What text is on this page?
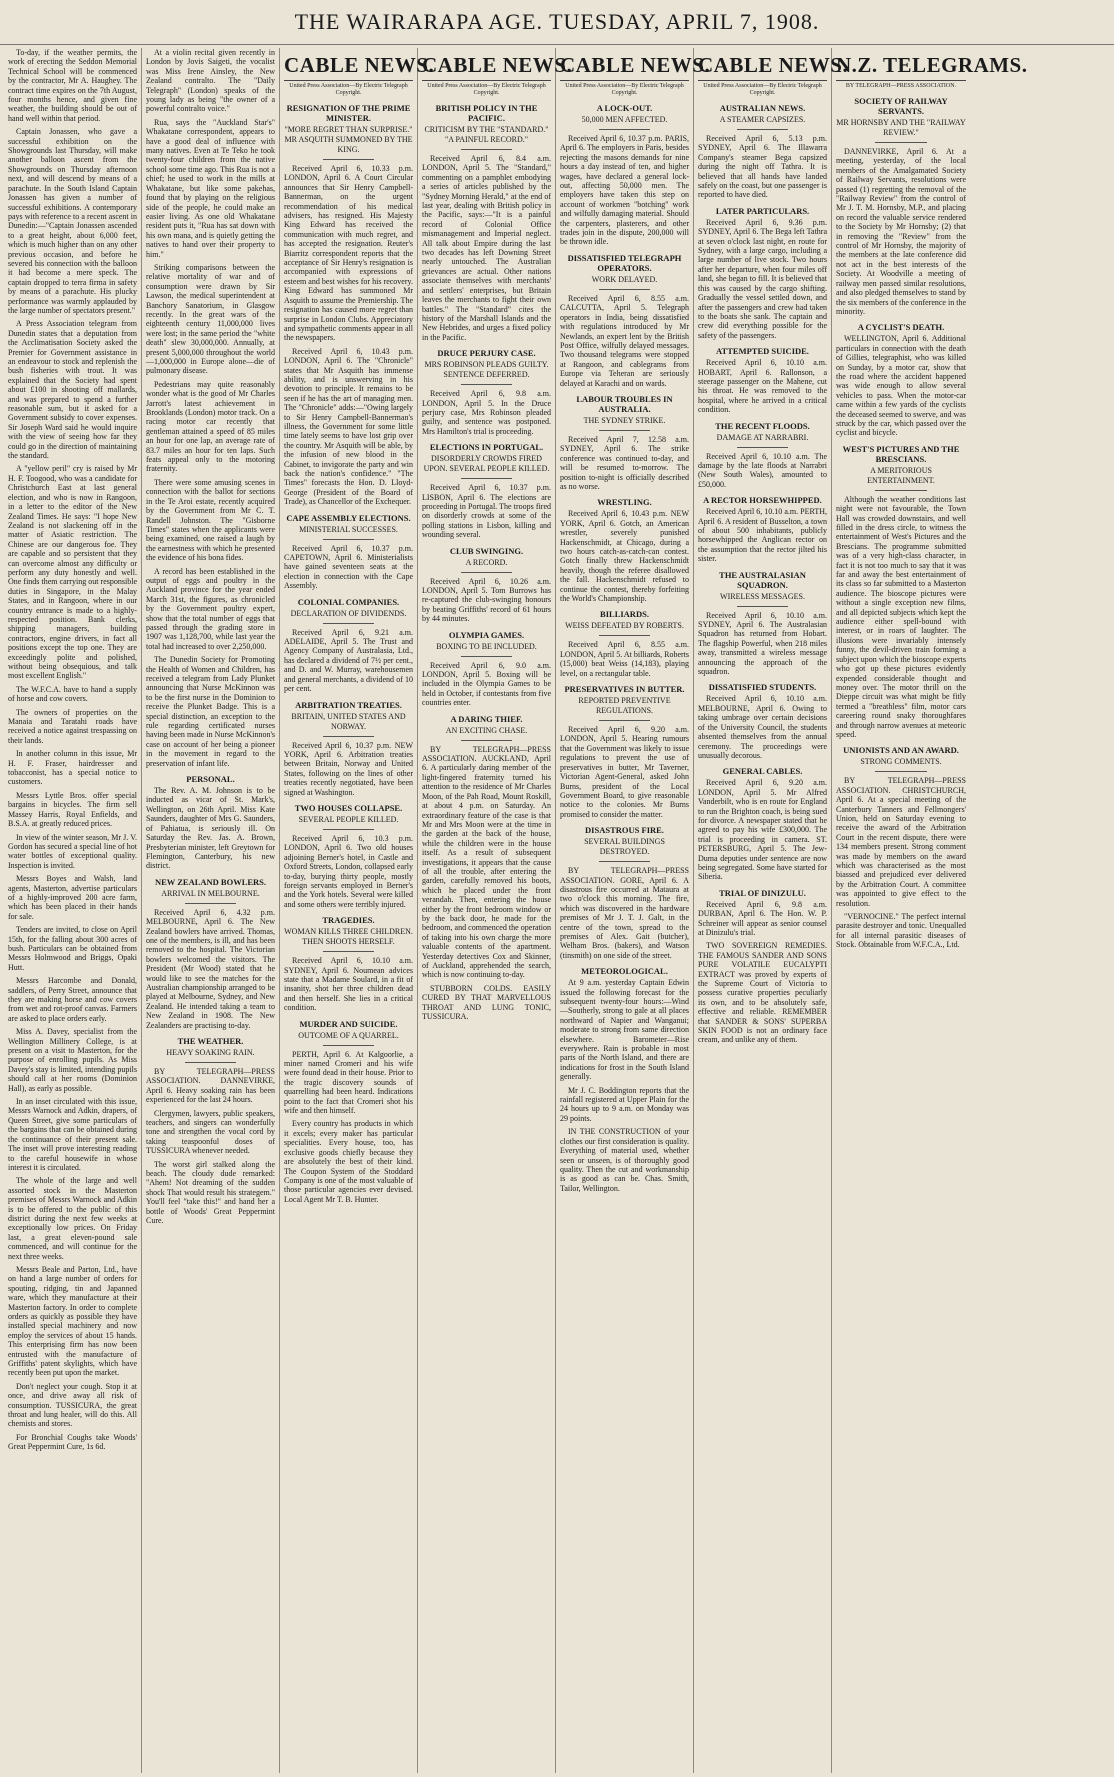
THE WAIRARAPA AGE. TUESDAY, APRIL 7, 1908.

To-day, if the weather permits, the work of erecting the Seddon Memorial Technical School will be commenced by the contractor, Mr A. Haughey. The contract time expires on the 7th August, four months hence, and given fine weather, the building should be out of hand well within that period.

Captain Jonassen, who gave a successful exhibition on the Showgrounds last Thursday, will make another balloon ascent from the Showgrounds on Thursday afternoon next, and will descend by means of a parachute. In the South Island Captain Jonassen has given a number of successful exhibitions. A contemporary pays with reference to a recent ascent in Dunedin:—"Captain Jonassen ascended to a great height, about 6,000 feet, which is much higher than on any other previous occasion, and before he severed his connection with the balloon it had become a mere speck. The captain dropped to terra firma in safety by means of a parachute. His plucky performance was warmly applauded by the large number of spectators present."

A Press Association telegram from Dunedin states that a deputation from the Acclimatisation Society asked the Premier for Government assistance in an endeavour to stock and replenish the bush fisheries with trout. It was explained that the Society had spent about £100 in shooting off mallards, and was prepared to spend a further reasonable sum, but it asked for a Government subsidy to cover expenses. Sir Joseph Ward said he would inquire with the view of seeing how far they could go in the direction of maintaining the standard.

A "yellow peril" cry is raised by Mr H. F. Toogood, who was a candidate for Christchurch East at last general election, and who is now in Rangoon, in a letter to the editor of the New Zealand Times. He says: "I hope New Zealand is not slackening off in the matter of Asiatic restriction. The Chinese are our dangerous foe. They are capable and so persistent that they can overcome almost any difficulty or perform any duty honestly and well. One finds them carrying out responsible duties in Singapore, in the Malay States, and in Rangoon, where in our country entrance is made to a highly-respected position. Bank clerks, shipping managers, building contractors, engine drivers, in fact all positions except the top one. They are exceedingly polite and polished, without being obsequious, and talk most excellent English."

The W.F.C.A. have to hand a supply of horse and cow covers.

The owners of properties on the Manaia and Taratahi roads have received a notice against trespassing on their lands.

In another column in this issue, Mr H. F. Fraser, hairdresser and tobacconist, has a special notice to customers.

Messrs Lyttle Bros. offer special bargains in bicycles. The firm sell Massey Harris, Royal Enfields, and B.S.A. at greatly reduced prices.

In view of the winter season, Mr J. V. Gordon has secured a special line of hot water bottles of exceptional quality. Inspection is invited.

Messrs Boyes and Walsh, land agents, Masterton, advertise particulars of a highly-improved 200 acre farm, which has been placed in their hands for sale.

Tenders are invited, to close on April 15th, for the falling about 300 acres of bush. Particulars can be obtained from Messrs Holmwood and Briggs, Opaki Hutt.

Messrs Harcombe and Donald, saddlers, of Perry Street, announce that they are making horse and cow covers from wet and rot-proof canvas. Farmers are asked to place orders early.

Miss A. Davey, specialist from the Wellington Millinery College, is at present on a visit to Masterton, for the purpose of enrolling pupils. As Miss Davey's stay is limited, intending pupils should call at her rooms (Dominion Hall), as early as possible.

In an inset circulated with this issue, Messrs Warnock and Adkin, drapers, of Queen Street, give some particulars of the bargains that can be obtained during the continuance of their present sale. The inset will prove interesting reading to the careful housewife in whose interest it is circulated.

The whole of the large and well assorted stock in the Masterton premises of Messrs Warnock and Adkin is to be offered to the public of this district during the next few weeks at exceptionally low prices. On Friday last, a great eleven-pound sale commenced, and will continue for the next three weeks.

Messrs Beale and Parton, Ltd., have on hand a large number of orders for spouting, ridging, tin and Japanned ware, which they manufacture at their Masterton factory. In order to complete orders as quickly as possible they have installed special machinery and now employ the services of about 15 hands. This enterprising firm has now been entrusted with the manufacture of Griffiths' patent skylights, which have recently been put upon the market.

Don't neglect your cough. Stop it at once, and drive away all risk of consumption. TUSSICURA, the great throat and lung healer, will do this. All chemists and stores.

For Bronchial Coughs take Woods' Great Peppermint Cure, 1s 6d.

At a violin recital given recently in London by Jovis Saigeti, the vocalist was Miss Irene Ainsley, the New Zealand contralto. The "Daily Telegraph" (London) speaks of the young lady as being "the owner of a powerful contralto voice."

Rua, says the "Auckland Star's" Whakatane correspondent, appears to have a good deal of influence with many natives. Even at Te Teko he took twenty-four children from the native school some time ago. This Rua is not a chief; he used to work in the mills at Whakatane, but like some pakehas, found that by playing on the religious side of the people, he could make an easier living. As one old Whakatane resident puts it, "Rua has sat down with his own mana, and is quietly getting the natives to hand over their property to him."

Striking comparisons between the relative mortality of war and of consumption were drawn by Sir Lawson, the medical superintendent at Banchory Sanatorium, in Glasgow recently. In the great wars of the eighteenth century 11,000,000 lives were lost; in the same period the "white death" slew 30,000,000. Annually, at present 5,000,000 throughout the world—1,000,000 in Europe alone—die of pulmonary disease.

Pedestrians may quite reasonably wonder what is the good of Mr Charles Jarrott's latest achievement in Brooklands (London) motor track. On a racing motor car recently that gentleman attained a speed of 85 miles an hour for one lap, an average rate of 83.7 miles an hour for ten laps. Such feats appeal only to the motoring fraternity.

There were some amusing scenes in connection with the ballot for sections in the Te Aroi estate, recently acquired by the Government from Mr C. T. Randell Johnston. The "Gisborne Times" states when the applicants were being examined, one raised a laugh by the earnestness with which he presented the evidence of his bona fides.

A record has been established in the output of eggs and poultry in the Auckland province for the year ended March 31st, the figures, as chronicled by the Government poultry expert, show that the total number of eggs that passed through the grading store in 1907 was 1,128,700, while last year the total had increased to over 2,250,000.

The Dunedin Society for Promoting the Health of Women and Children, has received a telegram from Lady Plunket announcing that Nurse McKinnon was to be the first nurse in the Dominion to receive the Plunket Badge. This is a special distinction, an exception to the rule regarding certificated nurses having been made in Nurse McKinnon's case on account of her being a pioneer in the movement in regard to the preservation of infant life.

PERSONAL.

The Rev. A. M. Johnson is to be inducted as vicar of St. Mark's, Wellington, on 26th April. Miss Kate Saunders, daughter of Mrs G. Saunders, of Pahiatua, is seriously ill. On Saturday the Rev. Jas. A. Brown, Presbyterian minister, left Greytown for Flemington, Canterbury, his new district.

NEW ZEALAND BOWLERS.
ARRIVAL IN MELBOURNE.

Received April 6, 4.32 p.m. MELBOURNE, April 6. The New Zealand bowlers have arrived. Thomas, one of the members, is ill, and has been removed to the hospital. The Victorian bowlers welcomed the visitors. The President (Mr Wood) stated that he would like to see the matches for the Australian championship arranged to be played at Melbourne, Sydney, and New Zealand. He intended taking a team to New Zealand in 1908. The New Zealanders are practising to-day.

THE WEATHER.
HEAVY SOAKING RAIN.

BY TELEGRAPH—PRESS ASSOCIATION. DANNEVIRKE, April 6. Heavy soaking rain has been experienced for the last 24 hours.

Clergymen, lawyers, public speakers, teachers, and singers can wonderfully tone and strengthen the vocal cord by taking teaspoonful doses of TUSSICURA whenever needed.

The worst girl stalked along the beach. The cloudy dude remarked: "Ahem! Not dreaming of the sudden shock That would result his strategem." You'll feel "take this!" and hand her a bottle of Woods' Great Peppermint Cure.

CABLE NEWS.
United Press Association—By Electric Telegraph Copyright.
RESIGNATION OF THE PRIME MINISTER.
"MORE REGRET THAN SURPRISE." MR ASQUITH SUMMONED BY THE KING.

Received April 6, 10.33 p.m. LONDON, April 6. A Court Circular announces that Sir Henry Campbell-Bannerman, on the urgent recommendation of his medical advisers, has resigned. His Majesty King Edward has received the communication with much regret, and has accepted the resignation. Reuter's Biarritz correspondent reports that the acceptance of Sir Henry's resignation is accompanied with expressions of esteem and best wishes for his recovery. King Edward has summoned Mr Asquith to assume the Premiership. The resignation has caused more regret than surprise in London Clubs. Appreciatory and sympathetic comments appear in all the newspapers.

Received April 6, 10.43 p.m. LONDON, April 6. The "Chronicle" states that Mr Asquith has immense ability, and is unswerving in his devotion to principle. It remains to be seen if he has the art of managing men. The "Chronicle" adds:—"Owing largely to Sir Henry Campbell-Bannerman's illness, the Government for some little time lately seems to have lost grip over the country. Mr Asquith will be able, by the infusion of new blood in the Cabinet, to invigorate the party and win back the nation's confidence." "The Times" forecasts the Hon. D. Lloyd-George (President of the Board of Trade), as Chancellor of the Exchequer.

CAPE ASSEMBLY ELECTIONS.
MINISTERIAL SUCCESSES.

Received April 6, 10.37 p.m. CAPETOWN, April 6. Ministerialists have gained seventeen seats at the election in connection with the Cape Assembly.

COLONIAL COMPANIES.
DECLARATION OF DIVIDENDS.

Received April 6, 9.21 a.m. ADELAIDE, April 5. The Trust and Agency Company of Australasia, Ltd., has declared a dividend of 7½ per cent., and D. and W. Murray, warehousemen and general merchants, a dividend of 10 per cent.

ARBITRATION TREATIES.
BRITAIN, UNITED STATES AND NORWAY.

Received April 6, 10.37 p.m. NEW YORK, April 6. Arbitration treaties between Britain, Norway and United States, following on the lines of other treaties recently negotiated, have been signed at Washington.

TWO HOUSES COLLAPSE.
SEVERAL PEOPLE KILLED.

Received April 6, 10.3 p.m. LONDON, April 6. Two old houses adjoining Berner's hotel, in Castle and Oxford Streets, London, collapsed early to-day, burying thirty people, mostly foreign servants employed in Berner's and the York hotels. Several were killed and some others were terribly injured.

TRAGEDIES.
WOMAN KILLS THREE CHILDREN. THEN SHOOTS HERSELF.

Received April 6, 10.10 a.m. SYDNEY, April 6. Noumean advices state that a Madame Soulard, in a fit of insanity, shot her three children dead and then herself. She lies in a critical condition.

MURDER AND SUICIDE.
OUTCOME OF A QUARREL.

PERTH, April 6. At Kalgoorlie, a miner named Cromeri and his wife were found dead in their house. Prior to the tragic discovery sounds of quarrelling had been heard. Indications point to the fact that Cromeri shot his wife and then himself.

Every country has products in which it excels; every maker has particular specialities. Every house, too, has exclusive goods chiefly because they are absolutely the best of their kind. The Coupon System of the Stoddard Company is one of the most valuable of those particular agencies ever devised. Local Agent Mr T. B. Hunter.

CABLE NEWS.
United Press Association—By Electric Telegraph Copyright.
BRITISH POLICY IN THE PACIFIC.
CRITICISM BY THE "STANDARD." "A PAINFUL RECORD."

Received April 6, 8.4 a.m. LONDON, April 5. The "Standard," commenting on a pamphlet embodying a series of articles published by the "Sydney Morning Herald," at the end of last year, dealing with British policy in the Pacific, says:—"It is a painful record of Colonial Office mismanagement and Imperial neglect. All talk about Empire during the last two decades has left Downing Street nearly untouched. The Australian grievances are actual. Other nations associate themselves with merchants' and settlers' enterprises, but Britain leaves the merchants to fight their own battles." The "Standard" cites the history of the Marshall Islands and the New Hebrides, and urges a fixed policy in the Pacific.

DRUCE PERJURY CASE.
MRS ROBINSON PLEADS GUILTY. SENTENCE DEFERRED.

Received April 6, 9.8 a.m. LONDON, April 5. In the Druce perjury case, Mrs Robinson pleaded guilty, and sentence was postponed. Mrs Hamilton's trial is proceeding.

ELECTIONS IN PORTUGAL.
DISORDERLY CROWDS FIRED UPON. SEVERAL PEOPLE KILLED.

Received April 6, 10.37 p.m. LISBON, April 6. The elections are proceeding in Portugal. The troops fired on disorderly crowds at some of the polling stations in Lisbon, killing and wounding several.

CLUB SWINGING.
A RECORD.

Received April 6, 10.26 a.m. LONDON, April 5. Tom Burrows has re-captured the club-swinging honours by beating Griffiths' record of 61 hours by 44 minutes.

OLYMPIA GAMES.
BOXING TO BE INCLUDED.

Received April 6, 9.0 a.m. LONDON, April 5. Boxing will be included in the Olympia Games to be held in October, if contestants from five countries enter.

A DARING THIEF.
AN EXCITING CHASE.

BY TELEGRAPH—PRESS ASSOCIATION. AUCKLAND, April 6. A particularly daring member of the light-fingered fraternity turned his attention to the residence of Mr Charles Moon, of the Pah Road, Mount Roskill, at about 4 p.m. on Saturday. An extraordinary feature of the case is that Mr and Mrs Moon were at the time in the garden at the back of the house, while the children were in the house itself. As a result of subsequent investigations, it appears that the cause of all the trouble, after entering the garden, carefully removed his boots, which he placed under the front verandah. Then, entering the house either by the front bedroom window or by the back door, he made for the bedroom, and commenced the operation of taking into his own charge the more valuable contents of the apartment. Yesterday detectives Cox and Skinner, of Auckland, apprehended the search, which is now continuing to-day.

STUBBORN COLDS. EASILY CURED BY THAT MARVELLOUS THROAT AND LUNG TONIC, TUSSICURA.

CABLE NEWS.
United Press Association—By Electric Telegraph Copyright.
A LOCK-OUT.
50,000 MEN AFFECTED.

Received April 6, 10.37 p.m. PARIS, April 6. The employers in Paris, besides rejecting the masons demands for nine hours a day instead of ten, and higher wages, have declared a general lock-out, affecting 50,000 men. The employers have taken this step on account of workmen "botching" work and wilfully damaging material. Should the carpenters, plasterers, and other trades join in the dispute, 200,000 will be thrown idle.

DISSATISFIED TELEGRAPH OPERATORS.
WORK DELAYED.

Received April 6, 8.55 a.m. CALCUTTA, April 5. Telegraph operators in India, being dissatisfied with regulations introduced by Mr Newlands, an expert lent by the British Post Office, wilfully delayed messages. Two thousand telegrams were stopped at Rangoon, and cablegrams from Europe via Teheran are seriously delayed at Karachi and on wards.

LABOUR TROUBLES IN AUSTRALIA.
THE SYDNEY STRIKE.

Received April 7, 12.58 a.m. SYDNEY, April 6. The strike conference was continued to-day, and will be resumed to-morrow. The position to-night is officially described as no worse.

WRESTLING.

Received April 6, 10.43 p.m. NEW YORK, April 6. Gotch, an American wrestler, severely punished Hackenschmidt, at Chicago, during a two hours catch-as-catch-can contest. Gotch finally threw Hackenschmidt heavily, though the referee disallowed the fall. Hackenschmidt refused to continue the contest, thereby forfeiting the World's Championship.

BILLIARDS.
WEISS DEFEATED BY ROBERTS.

Received April 6, 8.55 a.m. LONDON, April 5. At billiards, Roberts (15,000) beat Weiss (14,183), playing level, on a rectangular table.

PRESERVATIVES IN BUTTER.
REPORTED PREVENTIVE REGULATIONS.

Received April 6, 9.20 a.m. LONDON, April 5. Hearing rumours that the Government was likely to issue regulations to prevent the use of preservatives in butter, Mr Taverner, Victorian Agent-General, asked John Burns, president of the Local Government Board, to give reasonable notice to the colonies. Mr Burns promised to consider the matter.

DISASTROUS FIRE.
SEVERAL BUILDINGS DESTROYED.

BY TELEGRAPH—PRESS ASSOCIATION. GORE, April 6. A disastrous fire occurred at Mataura at two o'clock this morning. The fire, which was discovered in the hardware premises of Mr J. T. J. Galt, in the centre of the town, spread to the premises of Alex. Gait (butcher), Welham Bros. (bakers), and Watson (tinsmith) on one side of the street.

METEOROLOGICAL.

At 9 a.m. yesterday Captain Edwin issued the following forecast for the subsequent twenty-four hours:—Wind—Southerly, strong to gale at all places northward of Napier and Wanganui; moderate to strong from same direction elsewhere. Barometer—Rise everywhere. Rain is probable in most parts of the North Island, and there are indications for frost in the South Island generally.

Mr J. C. Boddington reports that the rainfall registered at Upper Plain for the 24 hours up to 9 a.m. on Monday was 29 points.

IN THE CONSTRUCTION of your clothes our first consideration is quality. Everything of material used, whether seen or unseen, is of thoroughly good quality. Then the cut and workmanship is as good as can be. Chas. Smith, Tailor, Wellington.

CABLE NEWS.
United Press Association—By Electric Telegraph Copyright.
AUSTRALIAN NEWS.
A STEAMER CAPSIZES.

Received April 6, 5.13 p.m. SYDNEY, April 6. The Illawarra Company's steamer Bega capsized during the night off Tathra. It is believed that all hands have landed safely on the coast, but one passenger is reported to have died.

LATER PARTICULARS.

Received April 6, 9.36 p.m. SYDNEY, April 6. The Bega left Tathra at seven o'clock last night, en route for Sydney, with a large cargo, including a large number of live stock. Two hours after her departure, when four miles off land, she began to fill. It is believed that this was caused by the cargo shifting. Gradually the vessel settled down, and after the passengers and crew had taken to the boats she sank. The captain and crew did everything possible for the safety of the passengers.

ATTEMPTED SUICIDE.

Received April 6, 10.10 a.m. HOBART, April 6. Rallonson, a steerage passenger on the Mahene, cut his throat. He was removed to the hospital, where he arrived in a critical condition.

THE RECENT FLOODS.
DAMAGE AT NARRABRI.

Received April 6, 10.10 a.m. The damage by the late floods at Narrabri (New South Wales), amounted to £50,000.

A RECTOR HORSEWHIPPED.

Received April 6, 10.10 a.m. PERTH, April 6. A resident of Busselton, a town of about 500 inhabitants, publicly horsewhipped the Anglican rector on the assumption that the rector jilted his sister.

THE AUSTRALASIAN SQUADRON.
WIRELESS MESSAGES.

Received April 6, 10.10 a.m. SYDNEY, April 6. The Australasian Squadron has returned from Hobart. The flagship Powerful, when 218 miles away, transmitted a wireless message announcing the approach of the squadron.

DISSATISFIED STUDENTS.

Received April 6, 10.10 a.m. MELBOURNE, April 6. Owing to taking umbrage over certain decisions of the University Council, the students absented themselves from the annual ceremony. The proceedings were unusually decorous.

GENERAL CABLES.

Received April 6, 9.20 a.m. LONDON, April 5. Mr Alfred Vanderbilt, who is en route for England to run the Brighton coach, is being sued for divorce. A newspaper stated that he agreed to pay his wife £300,000. The trial is proceeding in camera. ST. PETERSBURG, April 5. The Jew-Duma deputies under sentence are now being segregated. Some have started for Siberia.

TRIAL OF DINIZULU.

Received April 6, 9.8 a.m. DURBAN, April 6. The Hon. W. P. Schreiner will appear as senior counsel at Dinizulu's trial.

TWO SOVEREIGN REMEDIES. THE FAMOUS SANDER AND SONS PURE VOLATILE EUCALYPTI EXTRACT was proved by experts of the Supreme Court of Victoria to possess curative properties peculiarly its own, and to be absolutely safe, effective and reliable. REMEMBER that SANDER & SONS' SUPERBA SKIN FOOD is not an ordinary face cream, and unlike any of them.

N.Z. TELEGRAMS.
BY TELEGRAPH—PRESS ASSOCIATION.
SOCIETY OF RAILWAY SERVANTS.
MR HORNSBY AND THE "RAILWAY REVIEW."

DANNEVIRKE, April 6. At a meeting, yesterday, of the local members of the Amalgamated Society of Railway Servants, resolutions were passed (1) regretting the removal of the "Railway Review" from the control of Mr J. T. M. Hornsby, M.P., and placing on record the valuable service rendered to the Society by Mr Hornsby; (2) that in removing the "Review" from the control of Mr Hornsby, the majority of the members at the late conference did not act in the best interests of the Society. At Woodville a meeting of railway men passed similar resolutions, and also pledged themselves to stand by the six members of the conference in the minority.

A CYCLIST'S DEATH.

WELLINGTON, April 6. Additional particulars in connection with the death of Gillies, telegraphist, who was killed on Sunday, by a motor car, show that the road where the accident happened was wide enough to allow several vehicles to pass. When the motor-car came within a few yards of the cyclists the deceased seemed to swerve, and was struck by the car, which passed over the cyclist and bicycle.

WEST'S PICTURES AND THE BRESCIANS.
A MERITORIOUS ENTERTAINMENT.

Although the weather conditions last night were not favourable, the Town Hall was crowded downstairs, and well filled in the dress circle, to witness the entertainment of West's Pictures and the Brescians. The programme submitted was of a very high-class character, in fact it is not too much to say that it was far and away the best entertainment of its class so far submitted to a Masterton audience. The bioscope pictures were without a single exception new films, and all depicted subjects which kept the audience either spell-bound with interest, or in roars of laughter. The illusions were invariably intensely funny, the devil-driven train forming a subject upon which the bioscope experts who got up these pictures evidently expended considerable thought and money over. The motor thrill on the Dieppe circuit was what might be fitly termed a "breathless" film, motor cars careering round snaky thoroughfares and through narrow avenues at meteoric speed.

UNIONISTS AND AN AWARD.
STRONG COMMENTS.

BY TELEGRAPH—PRESS ASSOCIATION. CHRISTCHURCH, April 6. At a special meeting of the Canterbury Tanners and Fellmongers' Union, held on Saturday evening to receive the award of the Arbitration Court in the recent dispute, there were 134 members present. Strong comment was made by members on the award which was characterised as the most biassed and prejudiced ever delivered by the Arbitration Court. A committee was appointed to give effect to the resolution.

"VERNOCINE." The perfect internal parasite destroyer and tonic. Unequalled for all internal parasitic diseases of Stock. Obtainable from W.F.C.A., Ltd.
